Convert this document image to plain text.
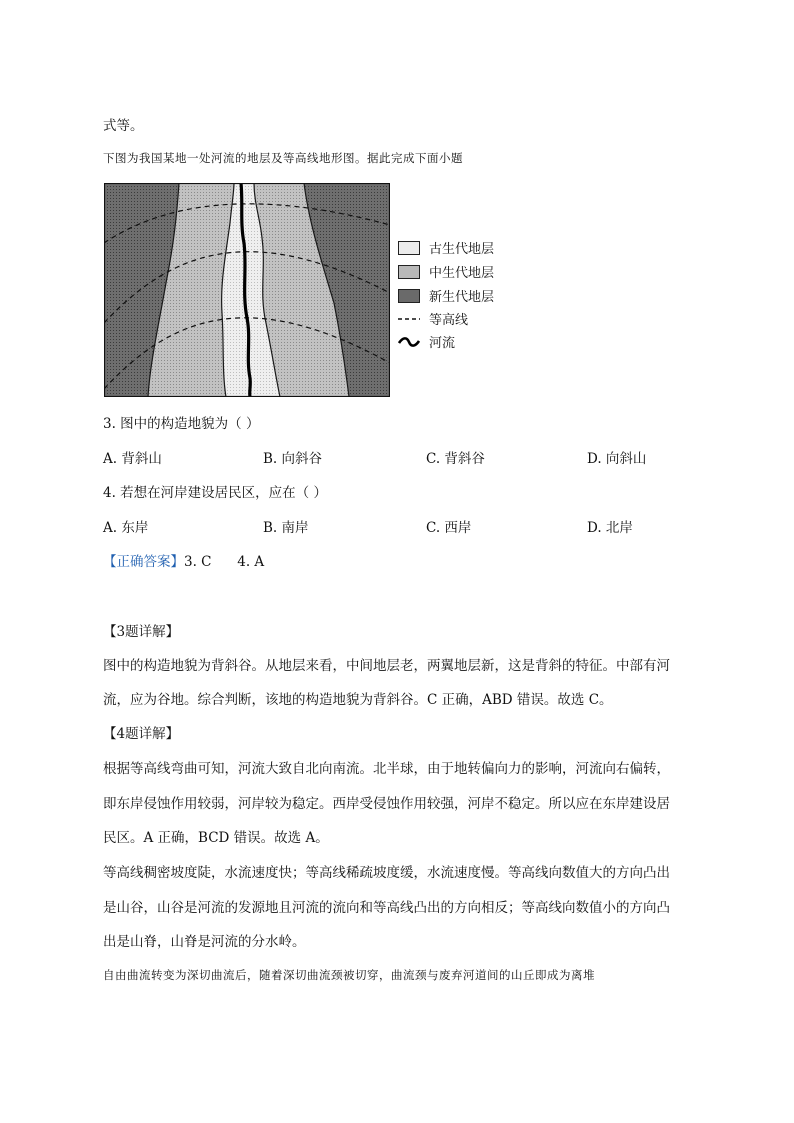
式等。
下图为我国某地一处河流的地层及等高线地形图。据此完成下面小题
古生代地层
中生代地层
新生代地层
等高线
河流
3. 图中的构造地貌为（ ）
A. 背斜山	B. 向斜谷	C. 背斜谷	D. 向斜山
4. 若想在河岸建设居民区，应在（ ）
A. 东岸	B. 南岸	C. 西岸	D. 北岸
【正确答案】3. C      4. A
【3题详解】
图中的构造地貌为背斜谷。从地层来看，中间地层老，两翼地层新，这是背斜的特征。中部有河
流，应为谷地。综合判断，该地的构造地貌为背斜谷。C 正确，ABD 错误。故选 C。
【4题详解】
根据等高线弯曲可知，河流大致自北向南流。北半球，由于地转偏向力的影响，河流向右偏转，
即东岸侵蚀作用较弱，河岸较为稳定。西岸受侵蚀作用较强，河岸不稳定。所以应在东岸建设居
民区。A 正确，BCD 错误。故选 A。
等高线稠密坡度陡，水流速度快；等高线稀疏坡度缓，水流速度慢。等高线向数值大的方向凸出
是山谷，山谷是河流的发源地且河流的流向和等高线凸出的方向相反；等高线向数值小的方向凸
出是山脊，山脊是河流的分水岭。
自由曲流转变为深切曲流后，随着深切曲流颈被切穿，曲流颈与废弃河道间的山丘即成为离堆
